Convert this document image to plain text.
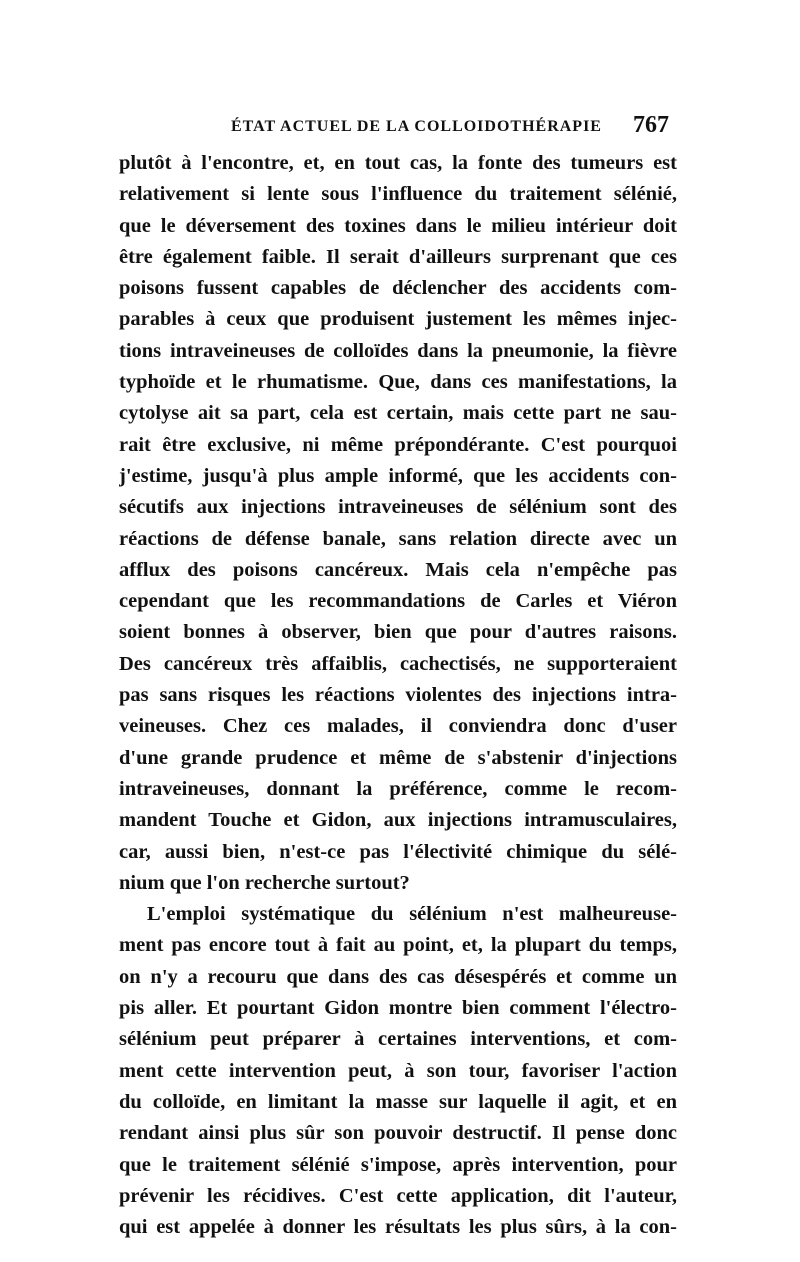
ÉTAT ACTUEL DE LA COLLOIDOTHÉRAPIE 767
plutôt à l'encontre, et, en tout cas, la fonte des tumeurs est
relativement si lente sous l'influence du traitement sélénié,
que le déversement des toxines dans le milieu intérieur doit
être également faible. Il serait d'ailleurs surprenant que ces
poisons fussent capables de déclencher des accidents com-
parables à ceux que produisent justement les mêmes injec-
tions intraveineuses de colloïdes dans la pneumonie, la fièvre
typhoïde et le rhumatisme. Que, dans ces manifestations, la
cytolyse ait sa part, cela est certain, mais cette part ne sau-
rait être exclusive, ni même prépondérante. C'est pourquoi
j'estime, jusqu'à plus ample informé, que les accidents con-
sécutifs aux injections intraveineuses de sélénium sont des
réactions de défense banale, sans relation directe avec un
afflux des poisons cancéreux. Mais cela n'empêche pas
cependant que les recommandations de Carles et Viéron
soient bonnes à observer, bien que pour d'autres raisons.
Des cancéreux très affaiblis, cachectisés, ne supporteraient
pas sans risques les réactions violentes des injections intra-
veineuses. Chez ces malades, il conviendra donc d'user
d'une grande prudence et même de s'abstenir d'injections
intraveineuses, donnant la préférence, comme le recom-
mandent Touche et Gidon, aux injections intramusculaires,
car, aussi bien, n'est-ce pas l'électivité chimique du sélé-
nium que l'on recherche surtout?
L'emploi systématique du sélénium n'est malheureuse-
ment pas encore tout à fait au point, et, la plupart du temps,
on n'y a recouru que dans des cas désespérés et comme un
pis aller. Et pourtant Gidon montre bien comment l'électro-
sélénium peut préparer à certaines interventions, et com-
ment cette intervention peut, à son tour, favoriser l'action
du colloïde, en limitant la masse sur laquelle il agit, et en
rendant ainsi plus sûr son pouvoir destructif. Il pense donc
que le traitement sélénié s'impose, après intervention, pour
prévenir les récidives. C'est cette application, dit l'auteur,
qui est appelée à donner les résultats les plus sûrs, à la con-
